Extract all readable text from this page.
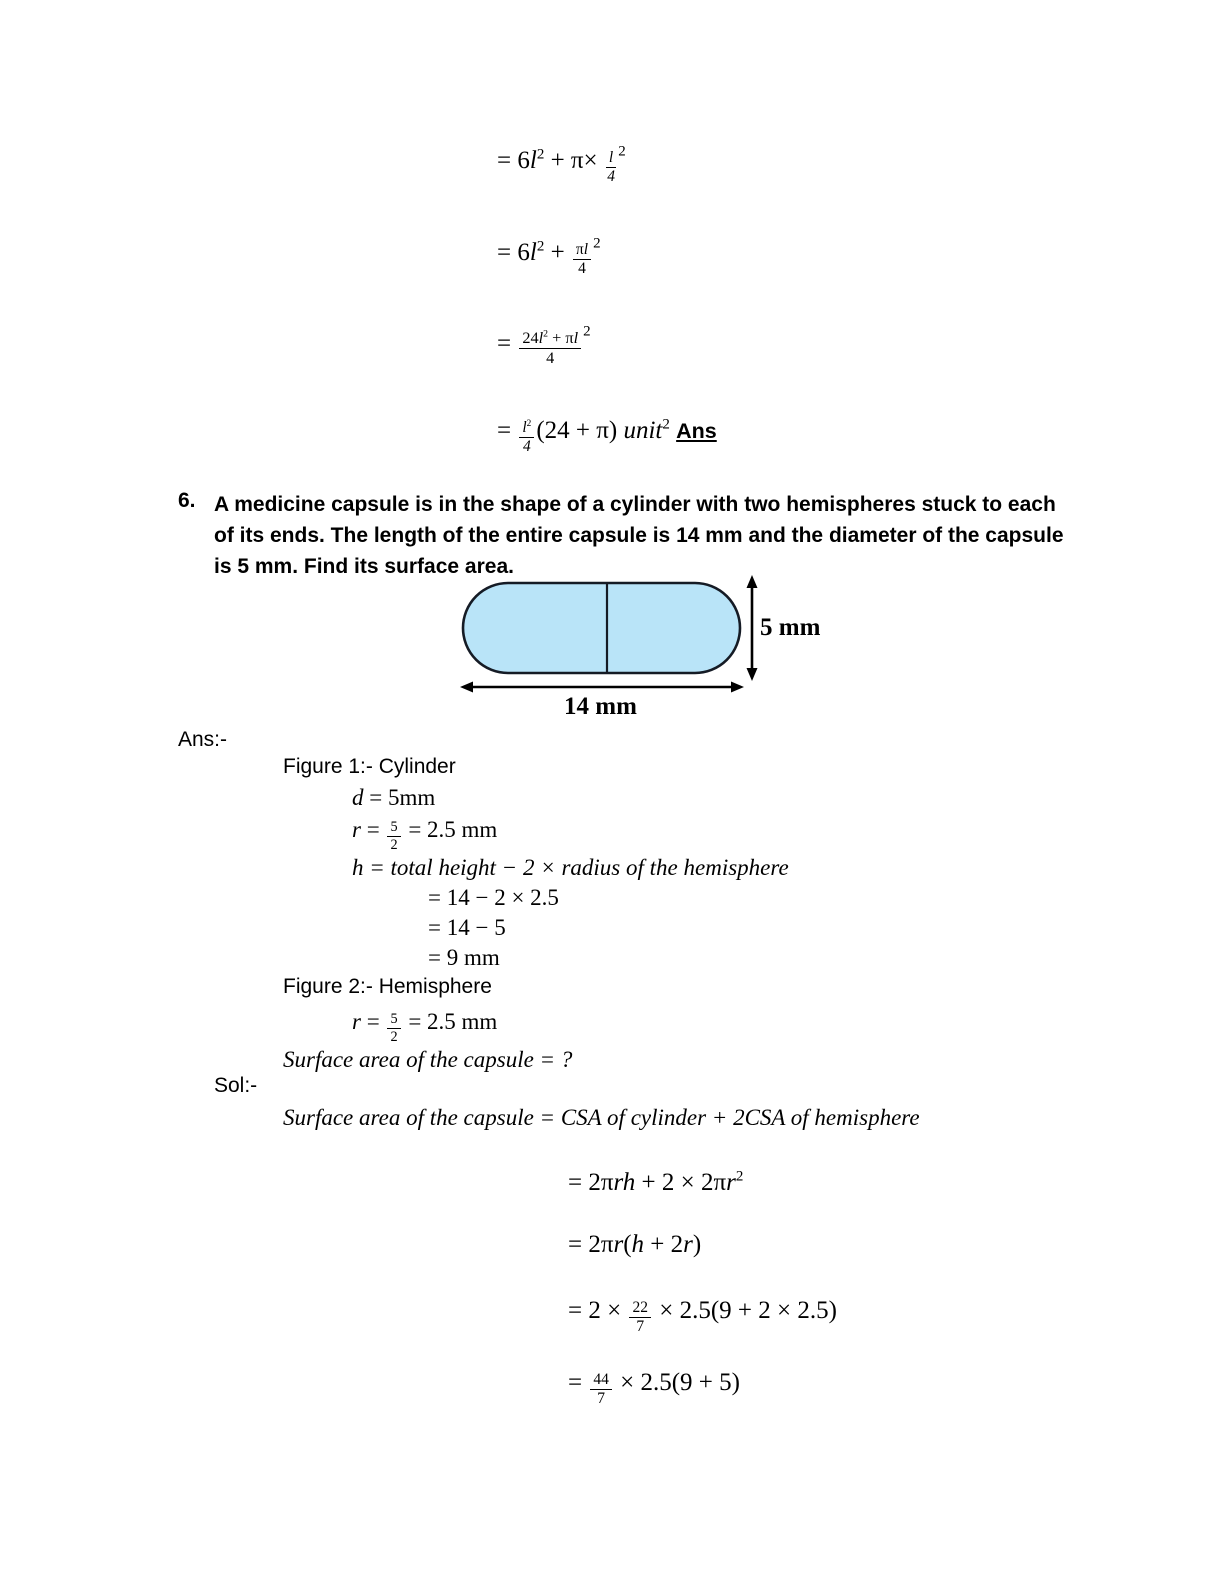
= $6l^2 + \pi\times \frac{l}{4} ^2$
= $6l^2 + \frac{\pi l}{4} ^2$
= $\frac{24l^2 + \pi l}{4} ^2$
= $\frac{l^2}{4} (24 + \pi)$ unit$^2$ Ans
6. A medicine capsule is in the shape of a cylinder with two hemispheres stuck to each of its ends. The length of the entire capsule is 14 mm and the diameter of the capsule is 5 mm. Find its surface area.
5 mm
14 mm
Ans:-
Figure 1:- Cylinder
d = 5mm
$r = \frac{5}{2} = 2.5$ mm
h = total height − 2 × radius of the hemisphere
= 14 − 2 × 2.5
= 14 − 5
= 9 mm
Figure 2:- Hemisphere
$r = \frac{5}{2} = 2.5$ mm
Surface area of the capsule = ?
Sol:-
Surface area of the capsule = CSA of cylinder + 2CSA of hemisphere
= $2\pi rh + 2 \times 2\pi r^2$
= 2πr(h + 2r)
= $2 \times \frac{22}{7} \times 2.5(9 + 2 \times 2.5)$
= $\frac{44}{7} \times 2.5(9 + 5)$
